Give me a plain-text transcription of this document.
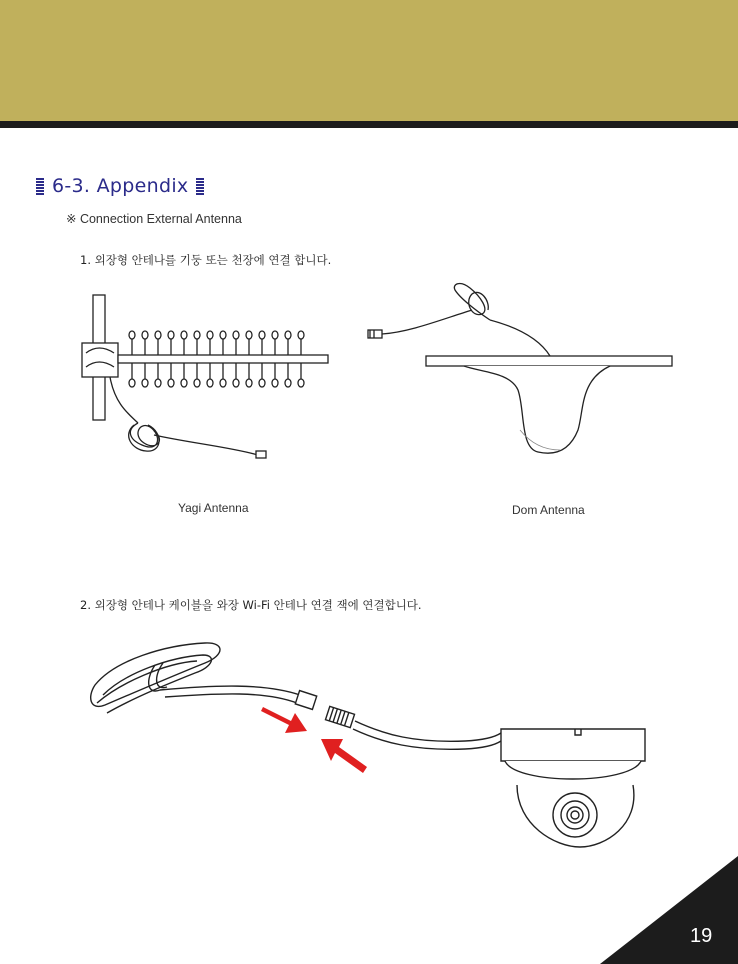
6-3. Appendix
※ Connection External Antenna
1. 외장형 안테나를 기둥 또는 천장에 연결 합니다.
Yagi Antenna	Dom Antenna
2. 외장형 안테나 케이블을 와장 Wi-Fi 안테나 연결 잭에 연결합니다.
19
